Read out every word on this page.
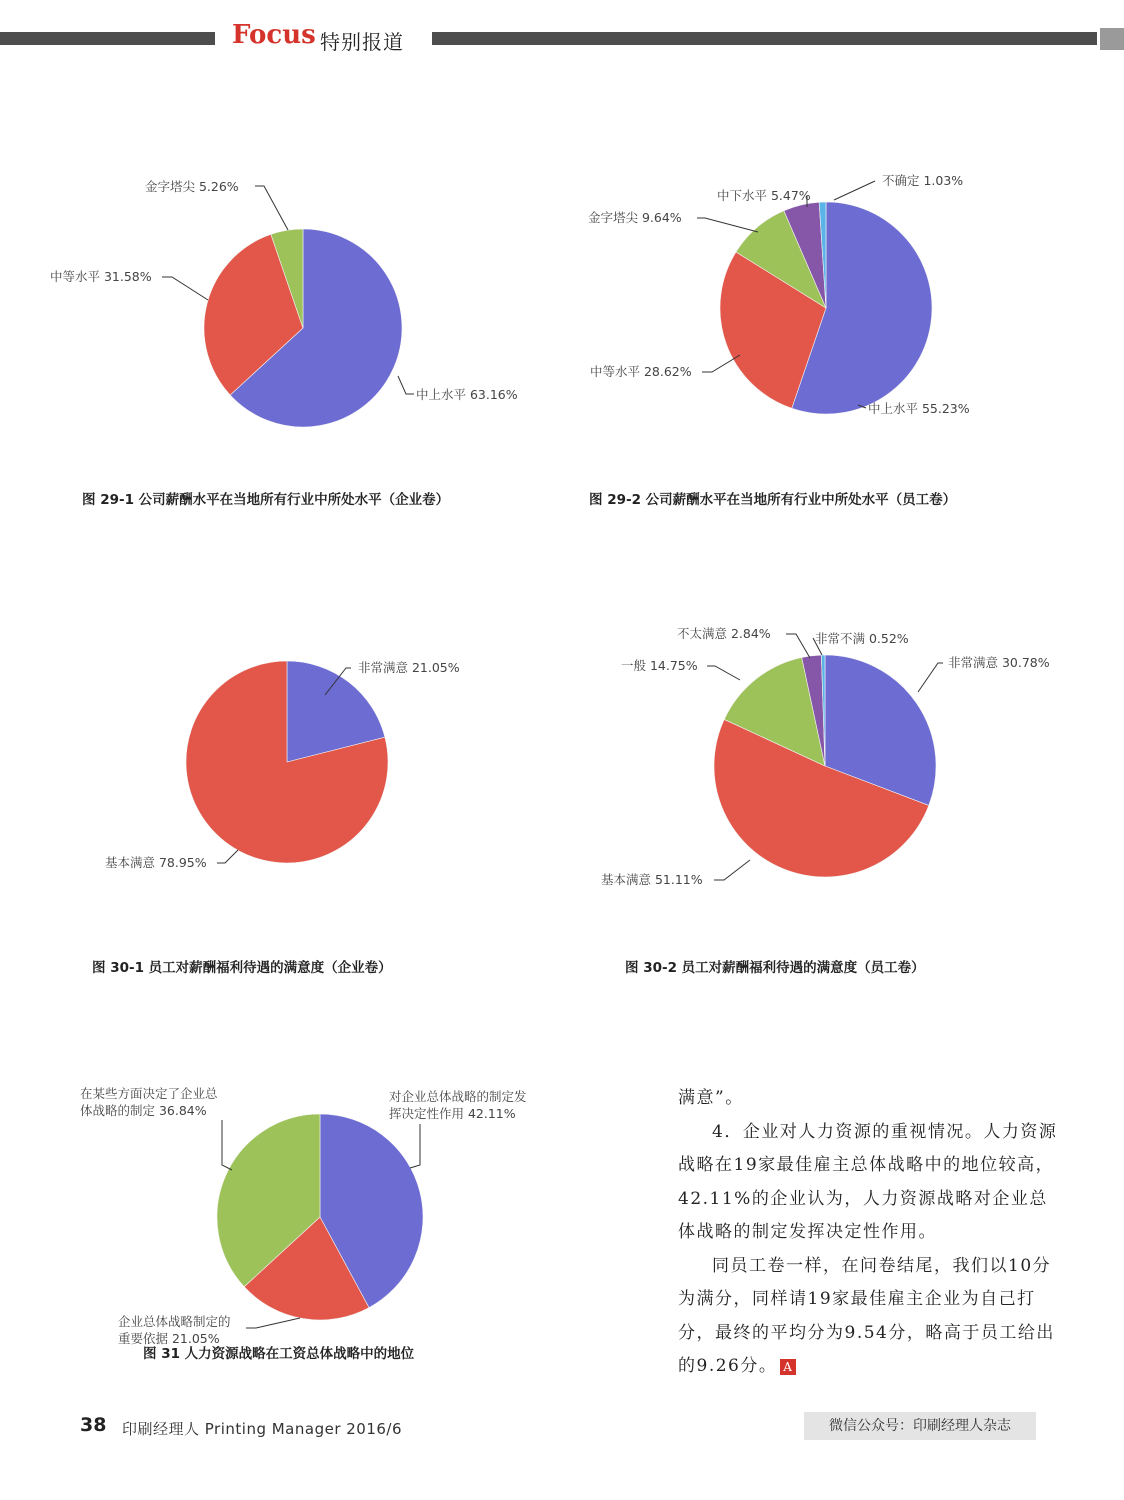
Focus 特别报道
中上水平 63.16%
中等水平 31.58%
金字塔尖 5.26%
中上水平 55.23%
中等水平 28.62%
金字塔尖 9.64%
中下水平 5.47%
不确定 1.03%
非常满意 21.05%
基本满意 78.95%
非常满意 30.78%
基本满意 51.11%
一般 14.75%
不太满意 2.84%	非常不满 0.52%
对企业总体战略的制定发挥决定性作用 42.11%
企业总体战略制定的重要依据 21.05%
在某些方面决定了企业总体战略的制定 36.84%
图 29-1 公司薪酬水平在当地所有行业中所处水平（企业卷）	图 29-2 公司薪酬水平在当地所有行业中所处水平（员工卷）
图 30-1 员工对薪酬福利待遇的满意度（企业卷）	图 30-2 员工对薪酬福利待遇的满意度（员工卷）
图 31 人力资源战略在工资总体战略中的地位

满意”。

4．企业对人力资源的重视情况。人力资源战略在19家最佳雇主总体战略中的地位较高，42.11%的企业认为，人力资源战略对企业总体战略的制定发挥决定性作用。

同员工卷一样，在问卷结尾，我们以10分为满分，同样请19家最佳雇主企业为自己打分，最终的平均分为9.54分，略高于员工给出的9.26分。 A

38 印刷经理人 Printing Manager 2016/6	微信公众号：印刷经理人杂志
